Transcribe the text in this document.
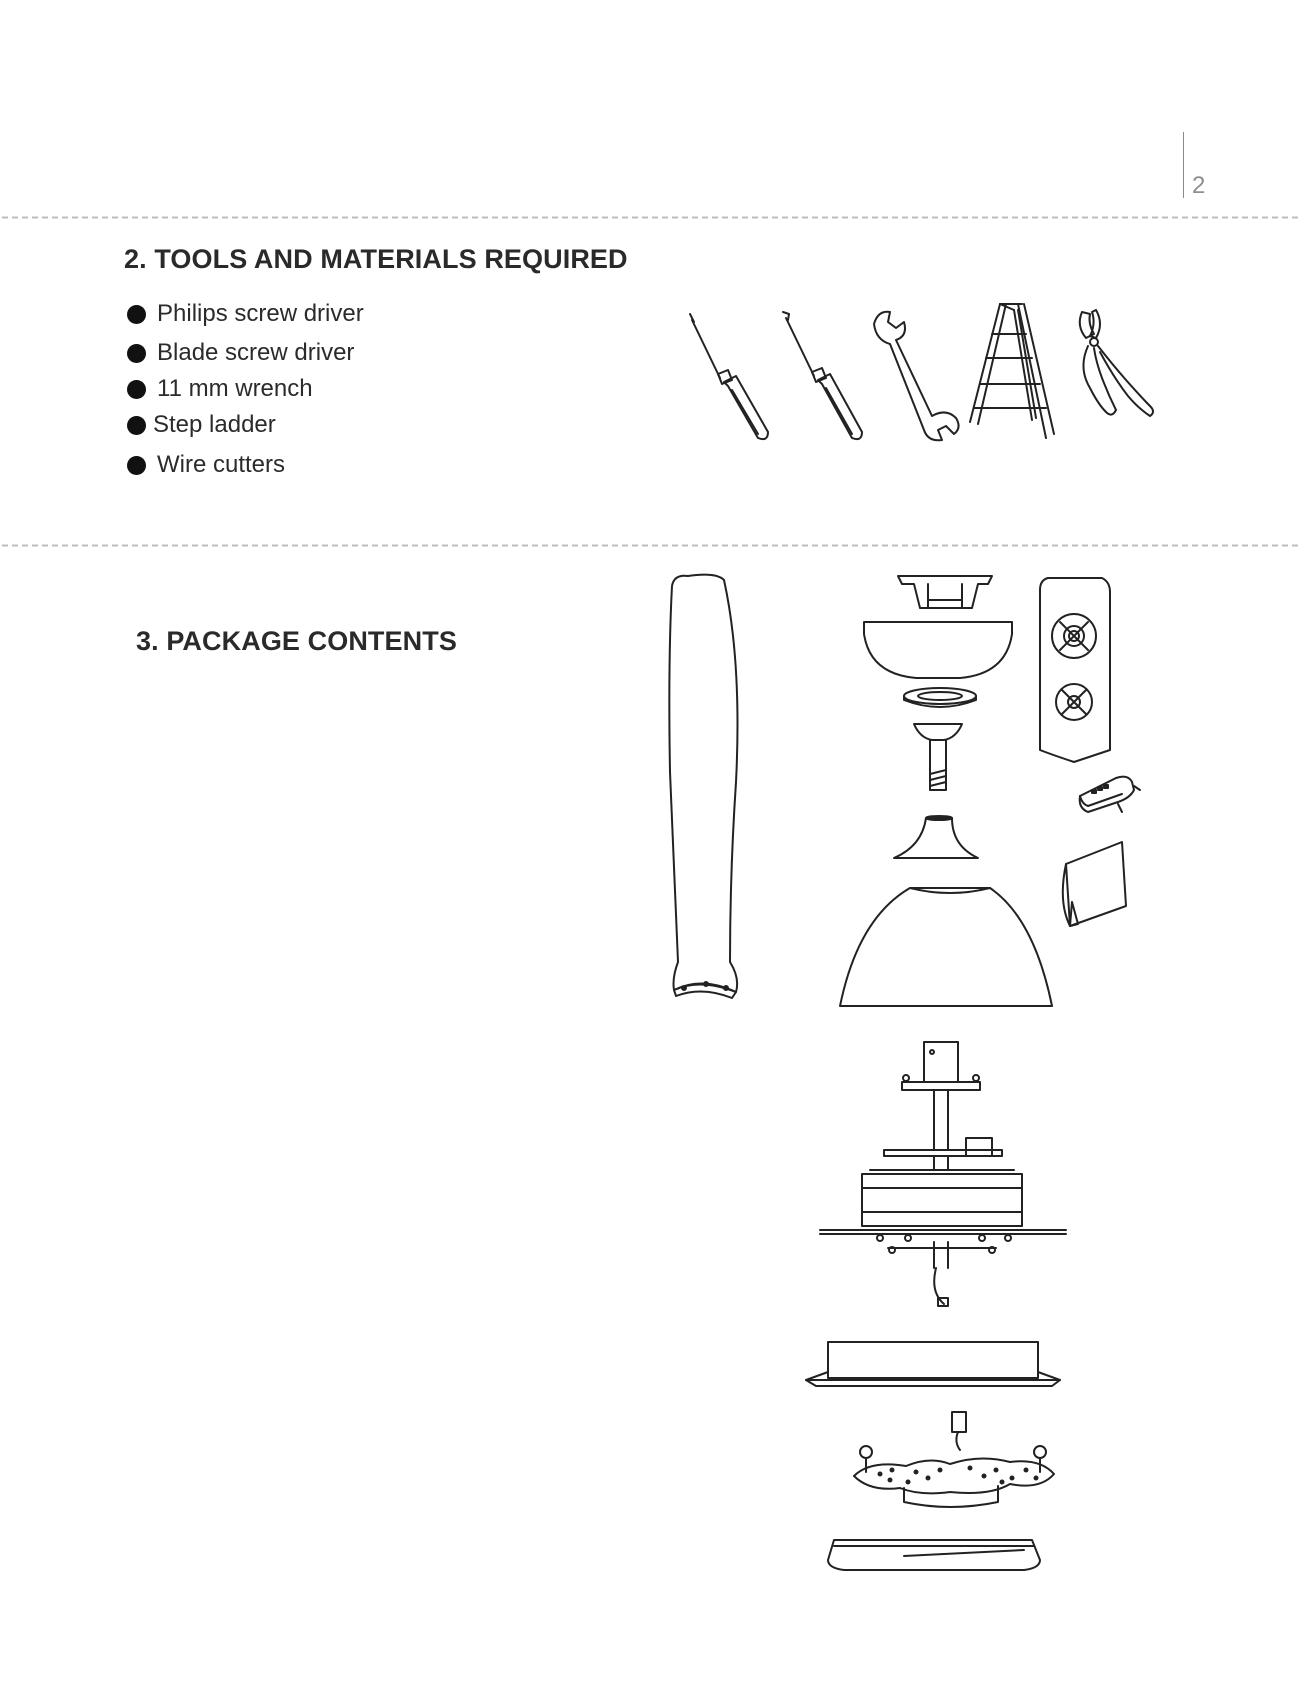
2
2. TOOLS AND MATERIALS REQUIRED
Philips screw driver
Blade screw driver
11 mm wrench
Step ladder
Wire cutters
3. PACKAGE CONTENTS
